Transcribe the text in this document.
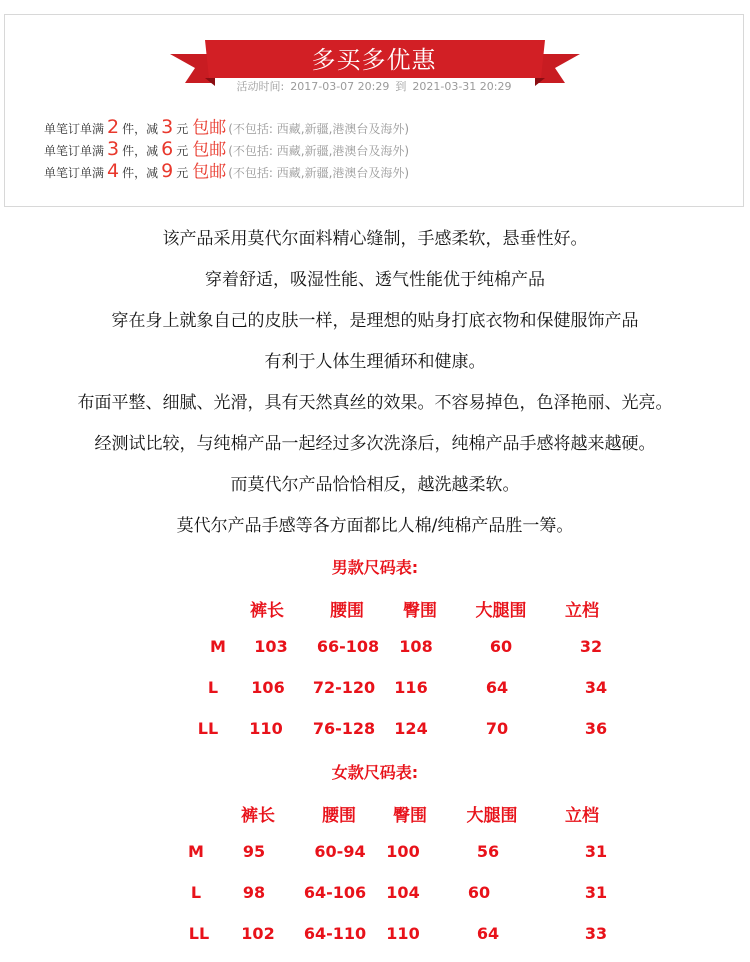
多买多优惠
活动时间: 2017-03-07 20:29 到 2021-03-31 20:29
单笔订单满 2 件，减 3 元 包邮 (不包括: 西藏,新疆,港澳台及海外)
单笔订单满 3 件，减 6 元 包邮 (不包括: 西藏,新疆,港澳台及海外)
单笔订单满 4 件，减 9 元 包邮 (不包括: 西藏,新疆,港澳台及海外)
该产品采用莫代尔面料精心缝制，手感柔软，悬垂性好。
穿着舒适，吸湿性能、透气性能优于纯棉产品
穿在身上就象自己的皮肤一样，是理想的贴身打底衣物和保健服饰产品
有利于人体生理循环和健康。
布面平整、细腻、光滑，具有天然真丝的效果。不容易掉色，色泽艳丽、光亮。
经测试比较，与纯棉产品一起经过多次洗涤后，纯棉产品手感将越来越硬。
而莫代尔产品恰恰相反，越洗越柔软。
莫代尔产品手感等各方面都比人棉/纯棉产品胜一筹。
男款尺码表:
裤长	腰围 臀围 大腿围 立档
M 103 66-108 108	60	32
L 106 72-120 116	64	34
LL 110 76-128 124	70	36
女款尺码表:
裤长	腰围 臀围 大腿围	立档
M 95	60-94 100	56	31
L	98 64-106 104	60	31
LL 102 64-110 110	64	33
